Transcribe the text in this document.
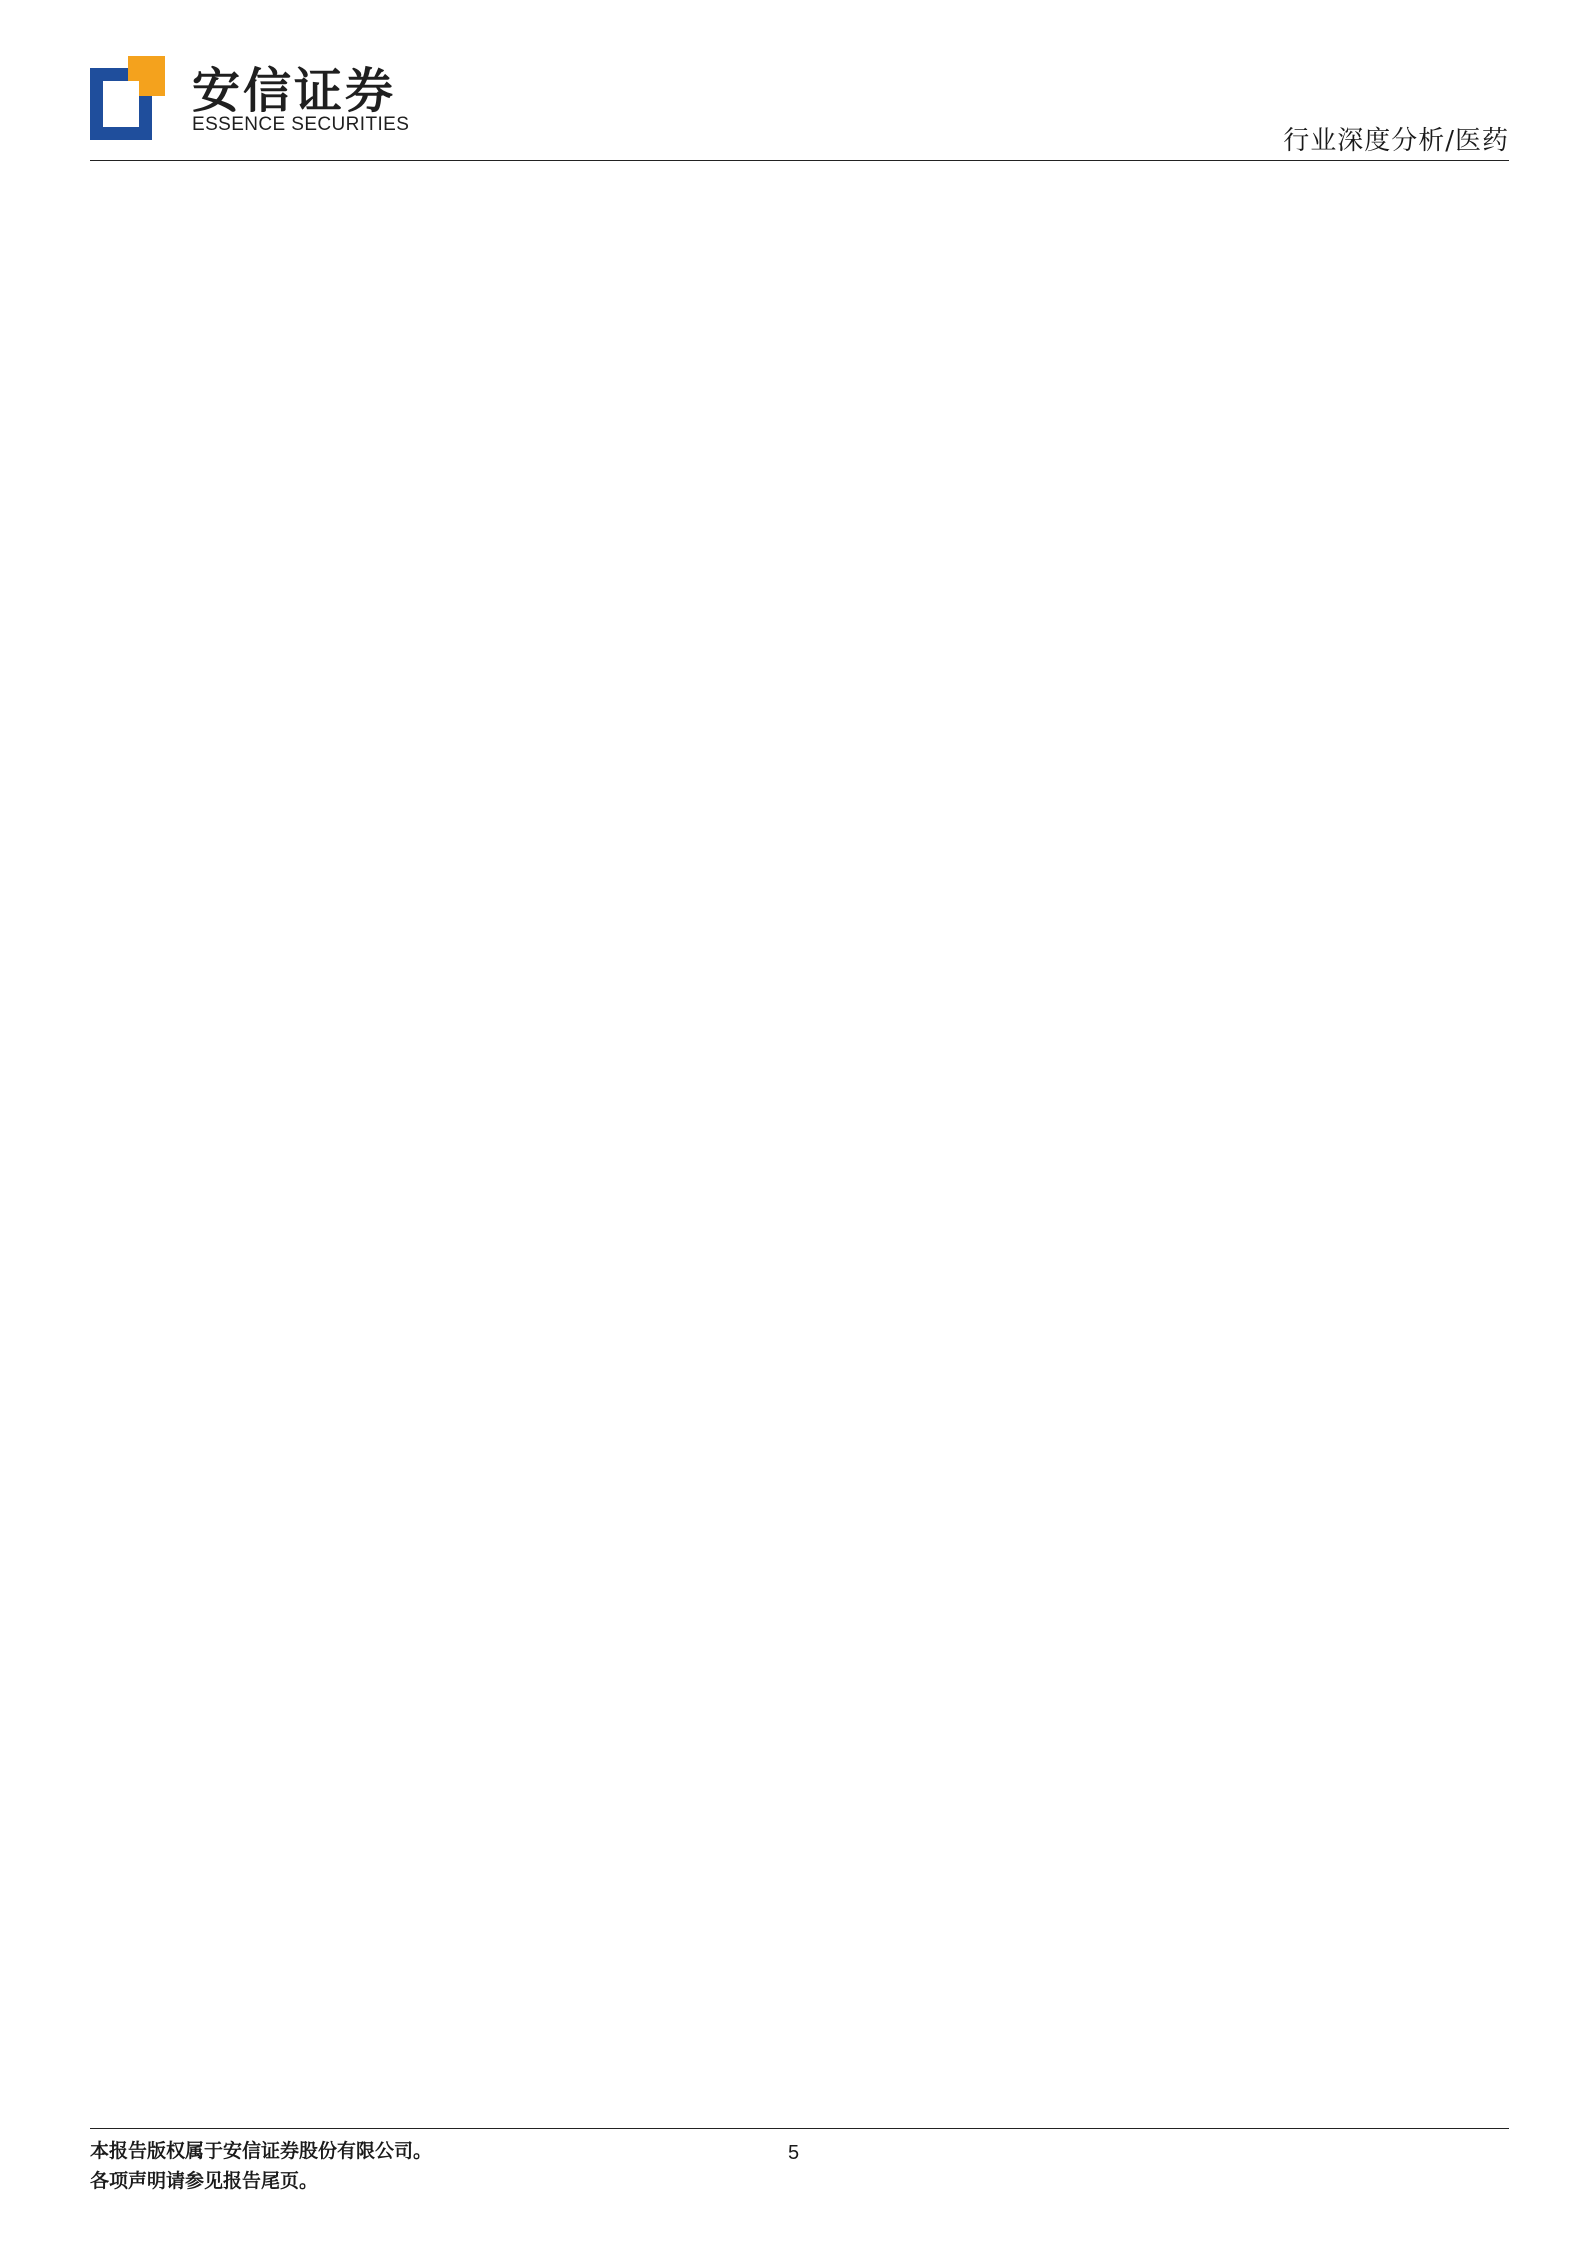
安信证券
ESSENCE SECURITIES
行业深度分析/医药
本报告版权属于安信证券股份有限公司。
各项声明请参见报告尾页。
5
